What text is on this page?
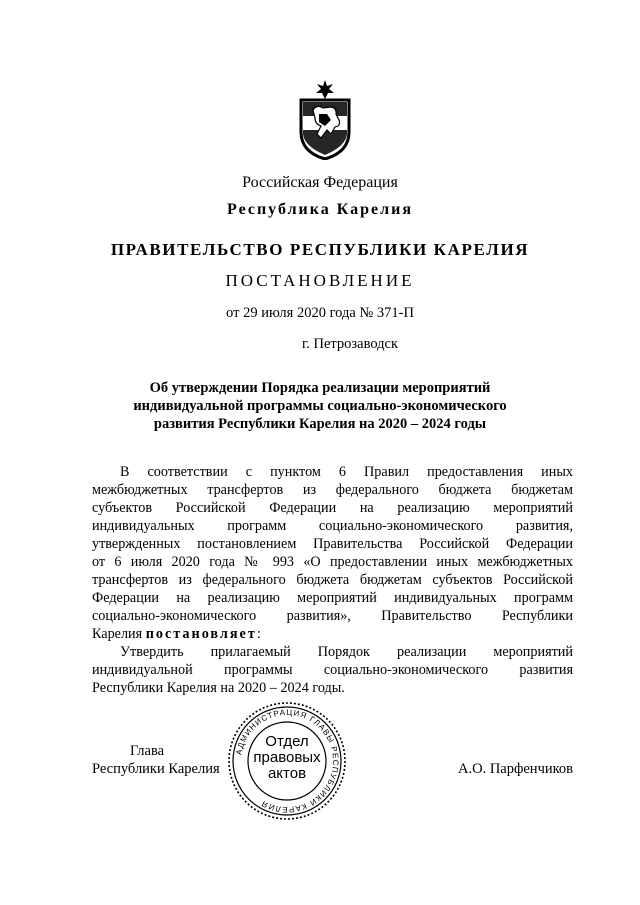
Российская Федерация
Республика Карелия
ПРАВИТЕЛЬСТВО РЕСПУБЛИКИ КАРЕЛИЯ
ПОСТАНОВЛЕНИЕ
от 29 июля 2020 года № 371-П
г. Петрозаводск
Об утверждении Порядка реализации мероприятий
индивидуальной программы социально-экономического
развития Республики Карелия на 2020 – 2024 годы
В соответствии с пунктом 6 Правил предоставления иных
межбюджетных трансфертов из федерального бюджета бюджетам
субъектов Российской Федерации на реализацию мероприятий
индивидуальных программ социально-экономического развития,
утвержденных постановлением Правительства Российской Федерации
от 6 июля 2020 года № 993 «О предоставлении иных межбюджетных
трансфертов из федерального бюджета бюджетам субъектов Российской
Федерации на реализацию мероприятий индивидуальных программ
социально-экономического развития», Правительство Республики
Карелия постановляет:
Утвердить прилагаемый Порядок реализации мероприятий
индивидуальной программы социально-экономического развития
Республики Карелия на 2020 – 2024 годы.
Глава
Республики Карелия	А.О. Парфенчиков
АДМИНИСТРАЦИЯ ГЛАВЫ РЕСПУБЛИКИ КАРЕЛИЯ
Отдел
правовых
актов
